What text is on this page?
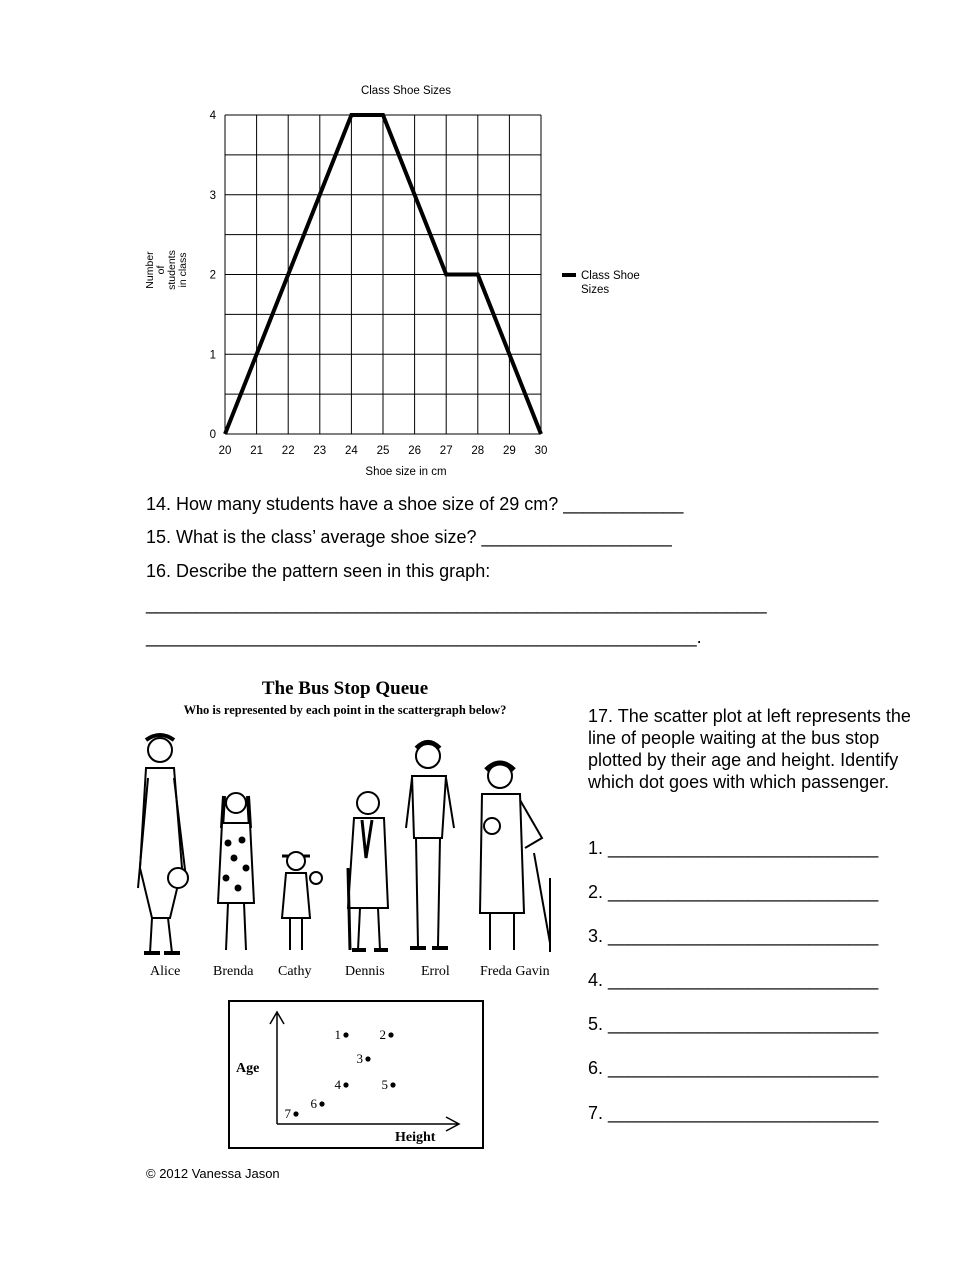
Class Shoe Sizes
20 21 22 23 24 25 26 27 28 29 30
0
1
2
3
4
Number of students in class
Shoe size in cm
Class Shoe
Sizes
14. How many students have a shoe size of 29 cm? ____________
15. What is the class’ average shoe size? ___________________
16. Describe the pattern seen in this graph:
______________________________________________________________
_______________________________________________________.
The Bus Stop Queue
Who is represented by each point in the scattergraph below?
Alice Brenda Cathy Dennis	Errol Freda Gavin
Age
Height
1	2
3
4	5
6
7
17. The scatter plot at left represents the line of people waiting at the bus stop plotted by their age and height. Identify which dot goes with which passenger.
1. ___________________________
2. ___________________________
3. ___________________________
4. ___________________________
5. ___________________________
6. ___________________________
7. ___________________________
© 2012 Vanessa Jason
